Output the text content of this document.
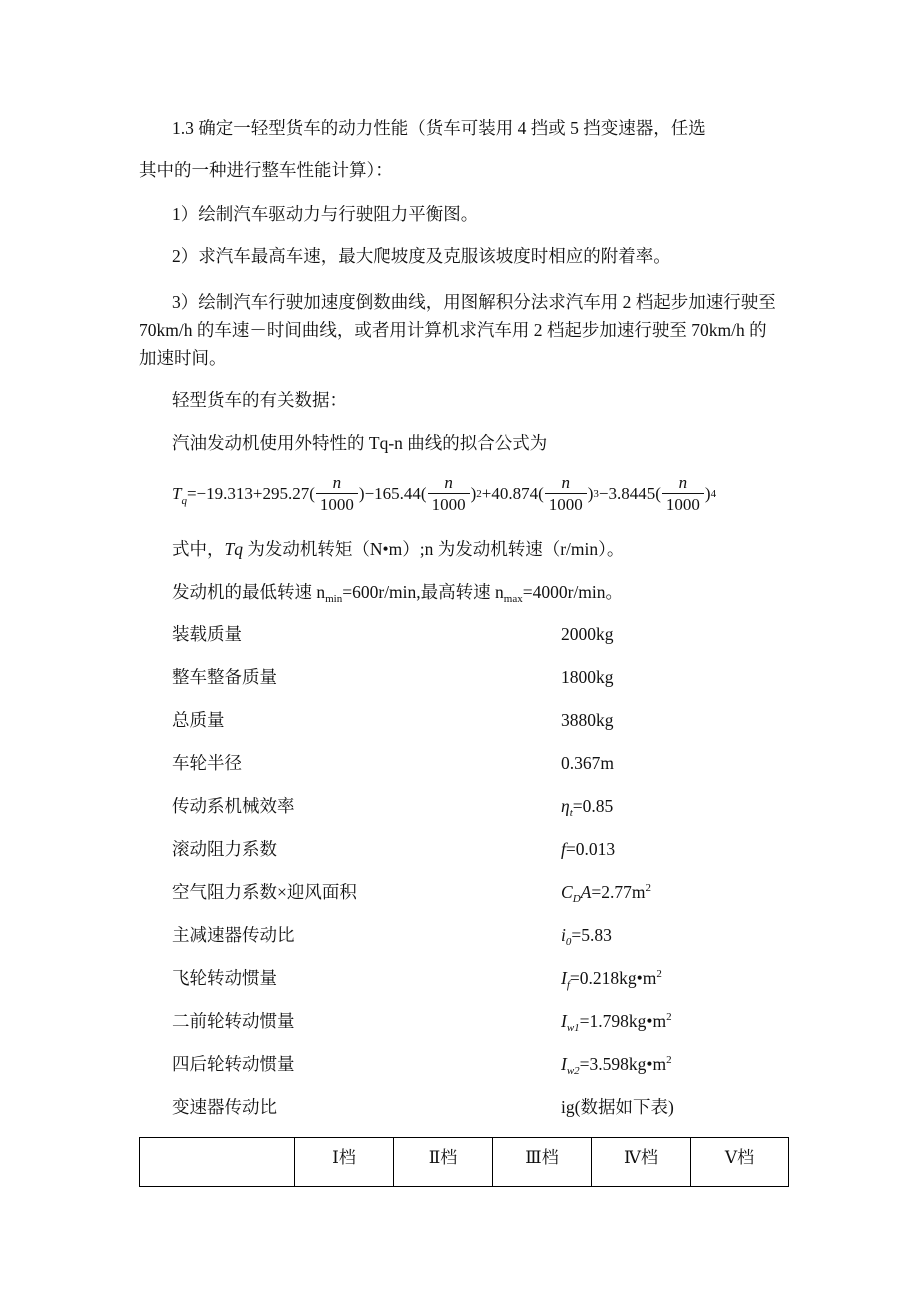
1.3 确定一轻型货车的动力性能（货车可装用 4 挡或 5 挡变速器，任选
其中的一种进行整车性能计算）：
1）绘制汽车驱动力与行驶阻力平衡图。
2）求汽车最高车速，最大爬坡度及克服该坡度时相应的附着率。
3）绘制汽车行驶加速度倒数曲线，用图解积分法求汽车用 2 档起步加速行驶至 70km/h 的车速－时间曲线，或者用计算机求汽车用 2 档起步加速行驶至 70km/h 的加速时间。
轻型货车的有关数据：
汽油发动机使用外特性的 Tq-n 曲线的拟合公式为
T $q =-19.313+295.27( \frac{n}{1000} )-165.44( \frac{n}{1000}$ ) $2 +40.874( \frac{n}{1000}$ ) $3 -3.8445( \frac{n}{1000}$ ) 4
式中，Tq 为发动机转矩（N•m）;n 为发动机转速（r/min）。
发动机的最低转速 $n_{min}=600r/\min$,最高转速 $n_{max}=4000r/\min$。
装载质量	2000kg
整车整备质量	1800kg
总质量	3880kg
车轮半径	0.367m
传动系机械效率	$\eta_t=0.85$
滚动阻力系数	f=0.013
空气阻力系数×迎风面积	$C_DA=2.77m^2$
主减速器传动比	$i_0=5.83$
飞轮转动惯量	$I_f=0.218kg•m^2$
二前轮转动惯量	$I_{w1}=1.798kg•m^2$
四后轮转动惯量	$I_{w2}=3.598kg•m^2$
变速器传动比	ig(数据如下表)
	Ⅰ档	Ⅱ档	Ⅲ档	Ⅳ档	Ⅴ档
